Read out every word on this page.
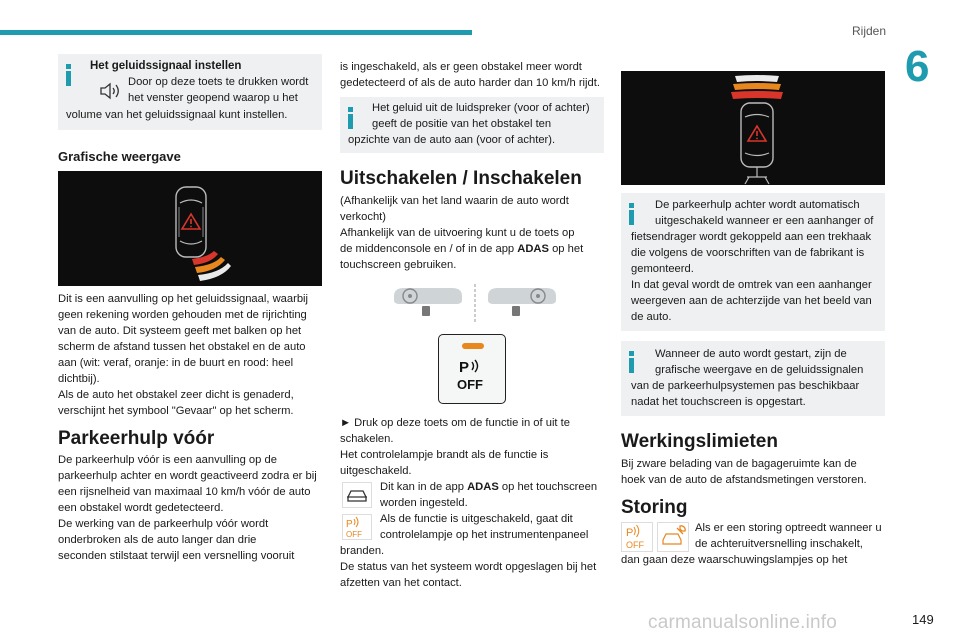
Rijden
6
carmanualsonline.info	149
Het geluidssignaal instellen
Door op deze toets te drukken wordt
het venster geopend waarop u het
volume van het geluidssignaal kunt instellen.
Grafische weergave
Dit is een aanvulling op het geluidssignaal, waarbij
geen rekening worden gehouden met de rijrichting
van de auto. Dit systeem geeft met balken op het
scherm de afstand tussen het obstakel en de auto
aan (wit: veraf, oranje: in de buurt en rood: heel
dichtbij).
Als de auto het obstakel zeer dicht is genaderd,
verschijnt het symbool "Gevaar" op het scherm.
Parkeerhulp vóór
De parkeerhulp vóór is een aanvulling op de
parkeerhulp achter en wordt geactiveerd zodra er bij
een rijsnelheid van maximaal 10 km/h vóór de auto
een obstakel wordt gedetecteerd.
De werking van de parkeerhulp vóór wordt
onderbroken als de auto langer dan drie
seconden stilstaat terwijl een versnelling vooruit
is ingeschakeld, als er geen obstakel meer wordt
gedetecteerd of als de auto harder dan 10 km/h rijdt.
Het geluid uit de luidspreker (voor of achter)
geeft de positie van het obstakel ten
opzichte van de auto aan (voor of achter).
Uitschakelen / Inschakelen
(Afhankelijk van het land waarin de auto wordt
verkocht)
Afhankelijk van de uitvoering kunt u de toets op
de middenconsole en / of in de app ADAS op het
touchscreen gebruiken.
P
OFF
► Druk op deze toets om de functie in of uit te
schakelen.
Het controlelampje brandt als de functie is
uitgeschakeld.
Dit kan in de app ADAS op het touchscreen
worden ingesteld.
P
OFF
Als de functie is uitgeschakeld, gaat dit
controlelampje op het instrumentenpaneel
branden.
De status van het systeem wordt opgeslagen bij het
afzetten van het contact.
De parkeerhulp achter wordt automatisch
uitgeschakeld wanneer er een aanhanger of
fietsendrager wordt gekoppeld aan een trekhaak
die volgens de voorschriften van de fabrikant is
gemonteerd.
In dat geval wordt de omtrek van een aanhanger
weergeven aan de achterzijde van het beeld van
de auto.
Wanneer de auto wordt gestart, zijn de
grafische weergave en de geluidssignalen
van de parkeerhulpsystemen pas beschikbaar
nadat het touchscreen is opgestart.
Werkingslimieten
Bij zware belading van de bagageruimte kan de
hoek van de auto de afstandsmetingen verstoren.
Storing
P
OFF
Als er een storing optreedt wanneer u
de achteruitversnelling inschakelt,
dan gaan deze waarschuwingslampjes op het
